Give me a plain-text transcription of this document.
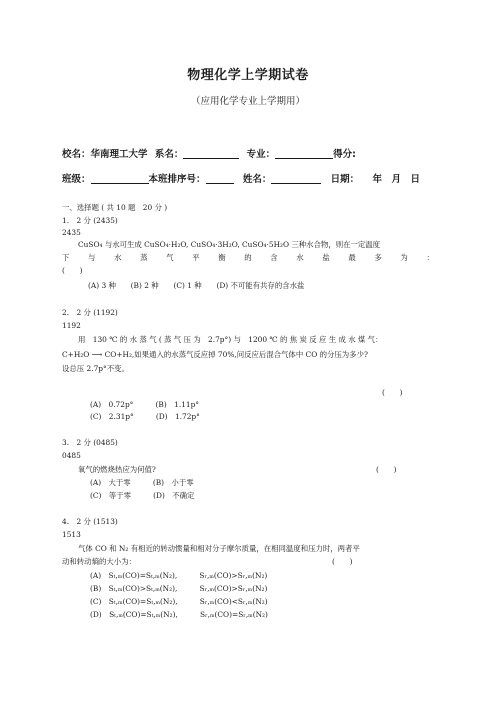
物理化学上学期试卷
（应用化学专业上学期用）
校名：华南理工大学 系名：	专业：	得分:
班级：	本班排序号：	姓名：	日期： 年　月　日
一、选择题 ( 共 10 题　20 分 )
1.　2 分 (2435)
2435
CuSO₄ 与水可生成 CuSO₄·H₂O, CuSO₄·3H₂O, CuSO₄·5H₂O 三种水合物，则在一定温度
下	与	水	蒸	气	平	衡	的	含	水	盐	最	多	为	：
(　　)
(A) 3 种　　(B) 2 种　　(C) 1 种　　(D) 不可能有共存的含水盐
2.　2 分 (1192)
1192
用　130 ℃ 的 水 蒸 气 ( 蒸 气 压 为　2.7p°) 与　1200 ℃ 的 焦 炭 反 应 生 成 水 煤 气：
C+H₂O ⟶ CO+H₂,如果通入的水蒸气反应掉 70%,问反应后混合气体中 CO 的分压为多少?
设总压 2.7p°不变。
(　　)
(A)　0.72p°　　　(B)　1.11p°
(C)　2.31p°　　　(D)　1.72p°
3.　2 分 (0485)
0485
氧气的燃烧热应为何值?	(　　)
(A)　大于零　　　(B)　小于零
(C)　等于零　　　(D)　不确定
4.　2 分 (1513)
1513
气体 CO 和 N₂ 有相近的转动惯量和相对分子摩尔质量，在相同温度和压力时，两者平
动和转动熵的大小为：	(　　)
(A)　Sₜ,ₘ(CO)=Sₜ,ₘ(N₂),　　　Sᵣ,ₘ(CO)>Sᵣ,ₘ(N₂)
(B)　Sₜ,ₘ(CO)>Sₜ,ₘ(N₂),　　　Sᵣ,ₘ(CO)>Sᵣ,ₘ(N₂)
(C)　Sₜ,ₘ(CO)=Sₜ,ₘ(N₂),　　　Sᵣ,ₘ(CO)<Sᵣ,ₘ(N₂)
(D)　Sₜ,ₘ(CO)=Sₜ,ₘ(N₂),　　　Sᵣ,ₘ(CO)=Sᵣ,ₘ(N₂)
